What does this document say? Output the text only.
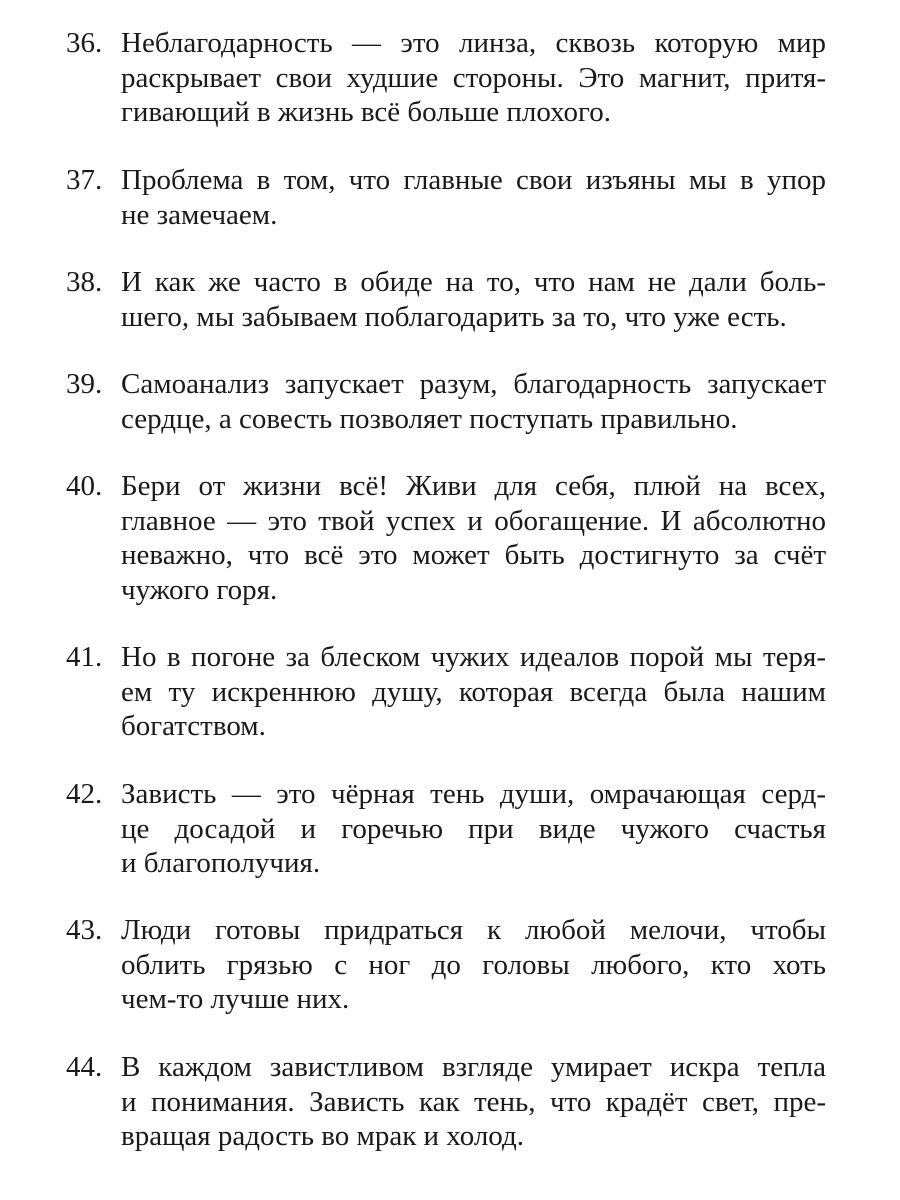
36. Неблагодарность — это линза, сквозь которую мир
раскрывает свои худшие стороны. Это магнит, притя-
гивающий в жизнь всё больше плохого.
37. Проблема в том, что главные свои изъяны мы в упор
не замечаем.
38. И как же часто в обиде на то, что нам не дали боль-
шего, мы забываем поблагодарить за то, что уже есть.
39. Самоанализ запускает разум, благодарность запускает
сердце, а совесть позволяет поступать правильно.
40. Бери от жизни всё! Живи для себя, плюй на всех,
главное — это твой успех и обогащение. И абсолютно
неважно, что всё это может быть достигнуто за счёт
чужого горя.
41. Но в погоне за блеском чужих идеалов порой мы теря-
ем ту искреннюю душу, которая всегда была нашим
богатством.
42. Зависть — это чёрная тень души, омрачающая серд-
це досадой и горечью при виде чужого счастья
и благополучия.
43. Люди готовы придраться к любой мелочи, чтобы
облить грязью с ног до головы любого, кто хоть
чем-то лучше них.
44. В каждом завистливом взгляде умирает искра тепла
и понимания. Зависть как тень, что крадёт свет, пре-
вращая радость во мрак и холод.
